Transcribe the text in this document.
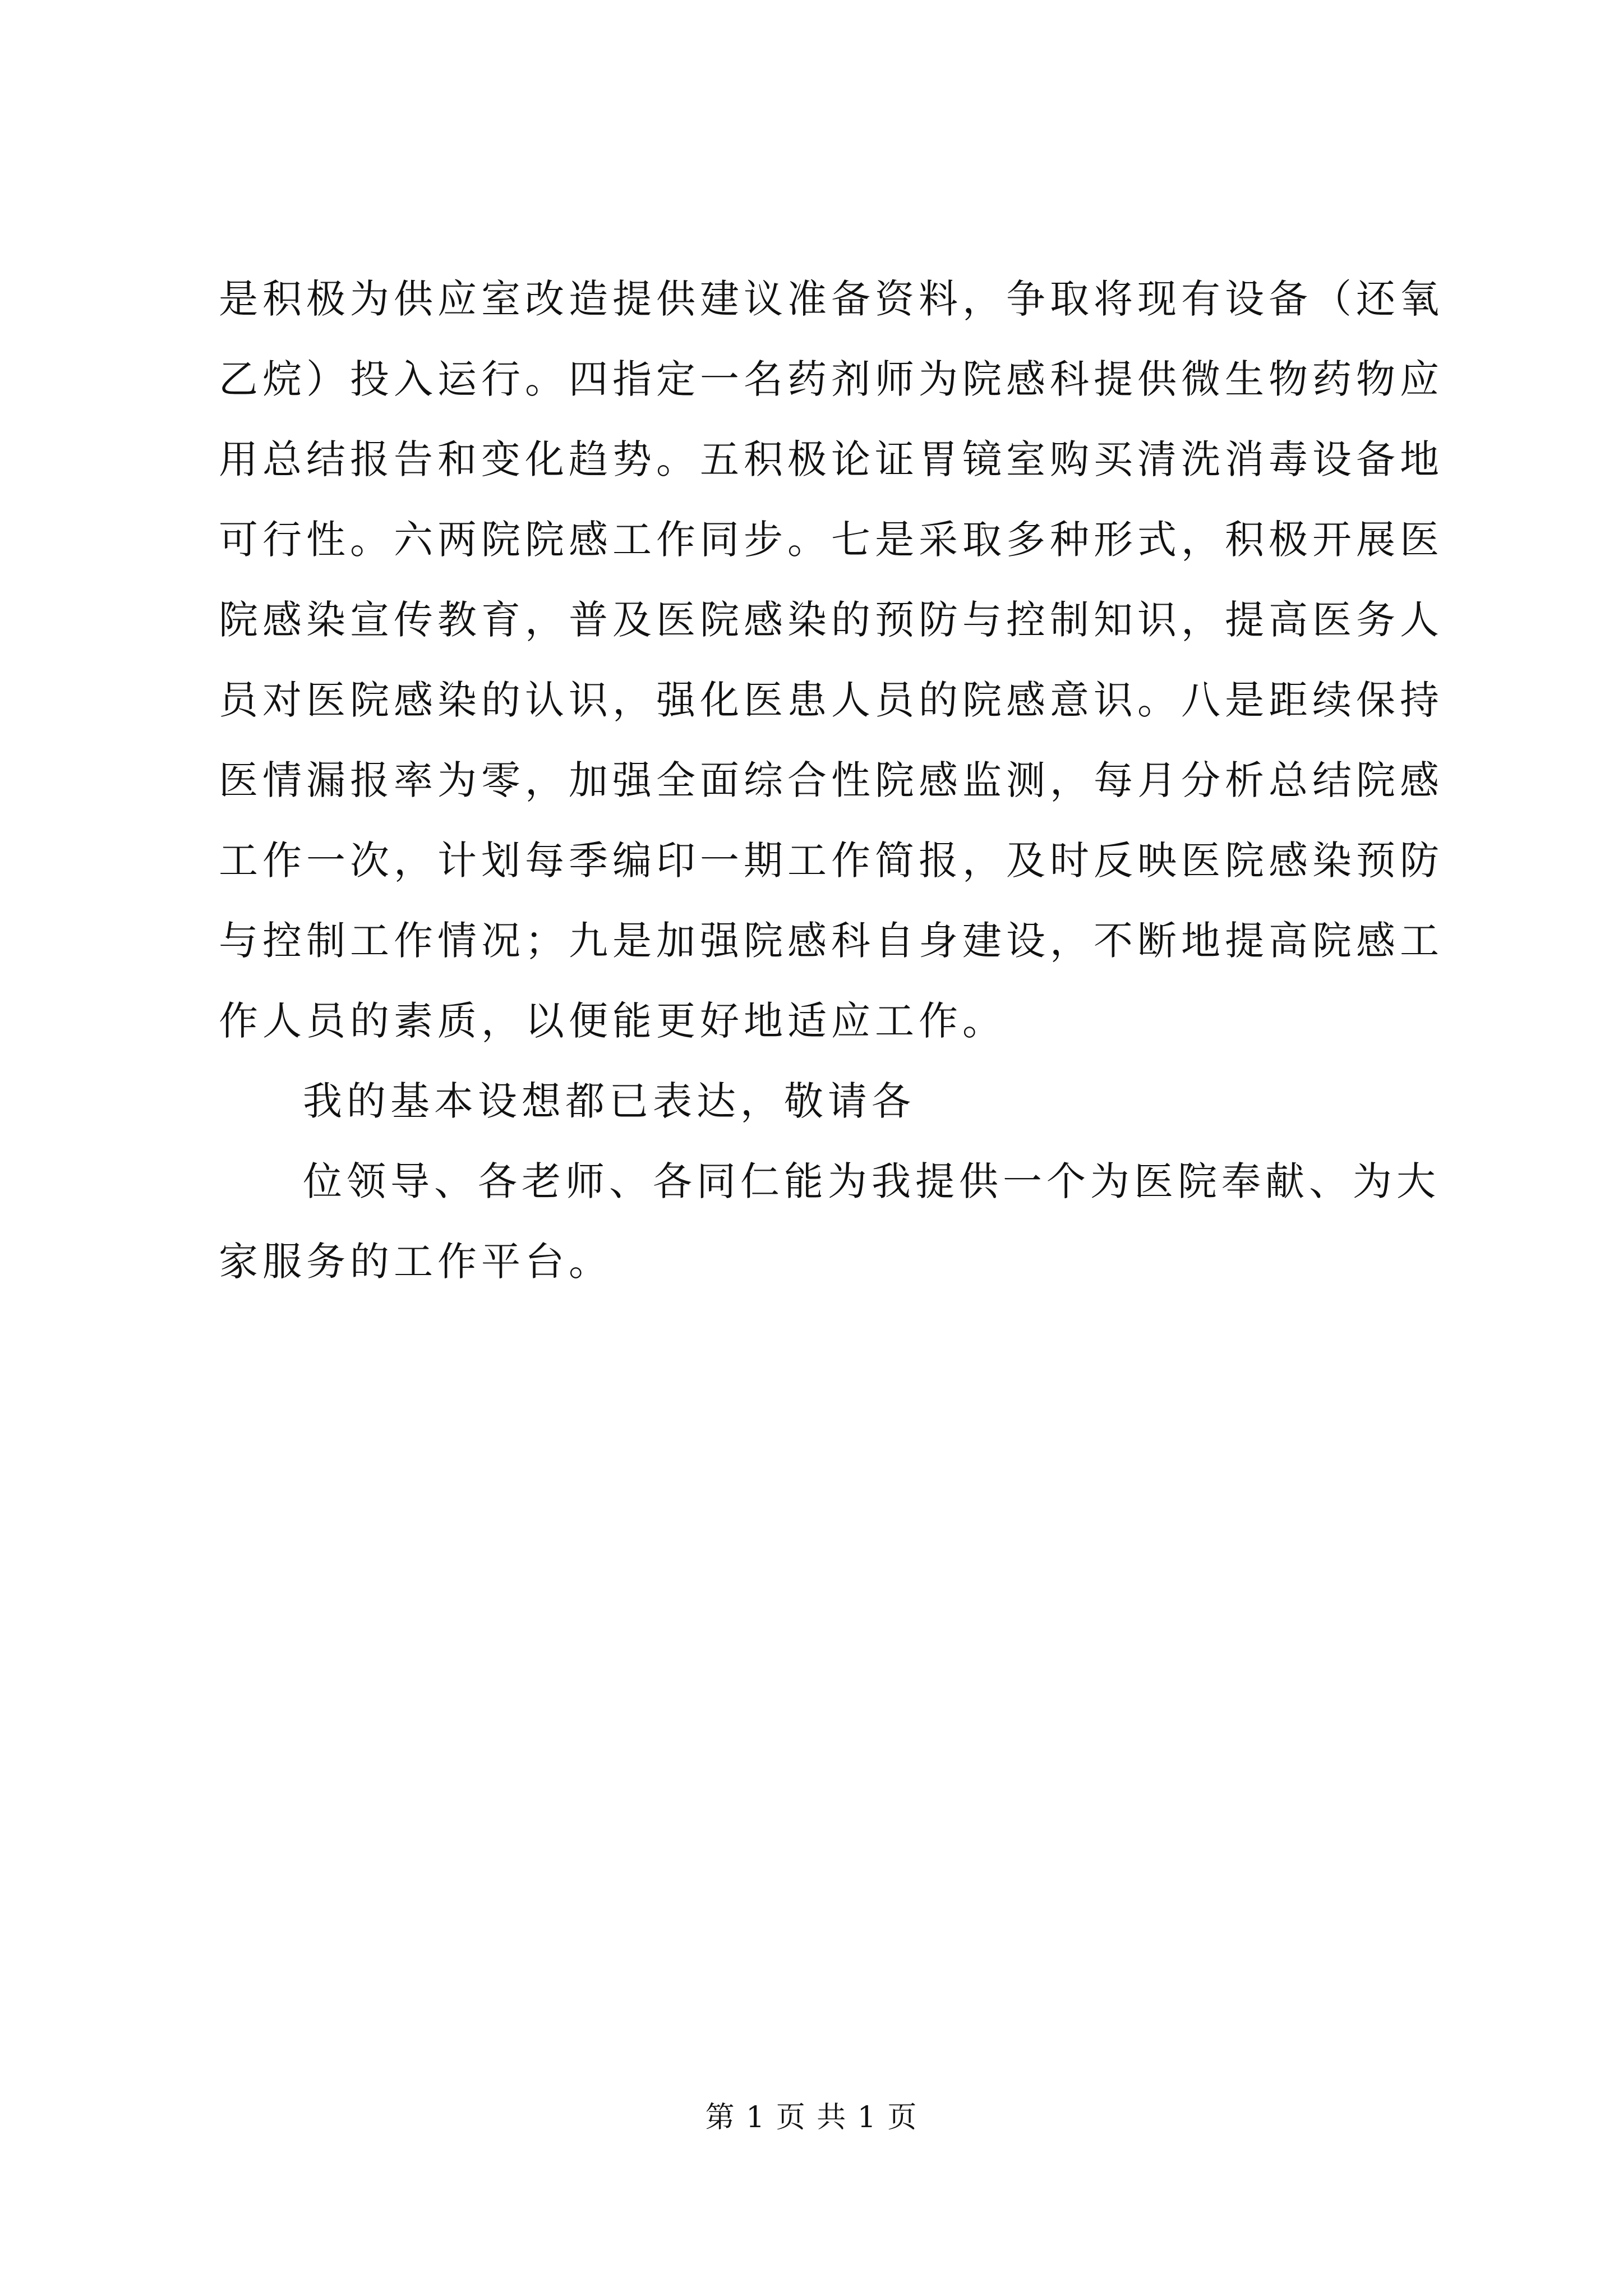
是积极为供应室改造提供建议准备资料，争取将现有设备（还氧
乙烷）投入运行。四指定一名药剂师为院感科提供微生物药物应
用总结报告和变化趋势。五积极论证胃镜室购买清洗消毒设备地
可行性。六两院院感工作同步。七是采取多种形式，积极开展医
院感染宣传教育，普及医院感染的预防与控制知识，提高医务人
员对医院感染的认识，强化医患人员的院感意识。八是距续保持
医情漏报率为零，加强全面综合性院感监测，每月分析总结院感
工作一次，计划每季编印一期工作简报，及时反映医院感染预防
与控制工作情况；九是加强院感科自身建设，不断地提高院感工
作人员的素质，以便能更好地适应工作。
我的基本设想都已表达，敬请各
位领导、各老师、各同仁能为我提供一个为医院奉献、为大
家服务的工作平台。
第 1 页 共 1 页
